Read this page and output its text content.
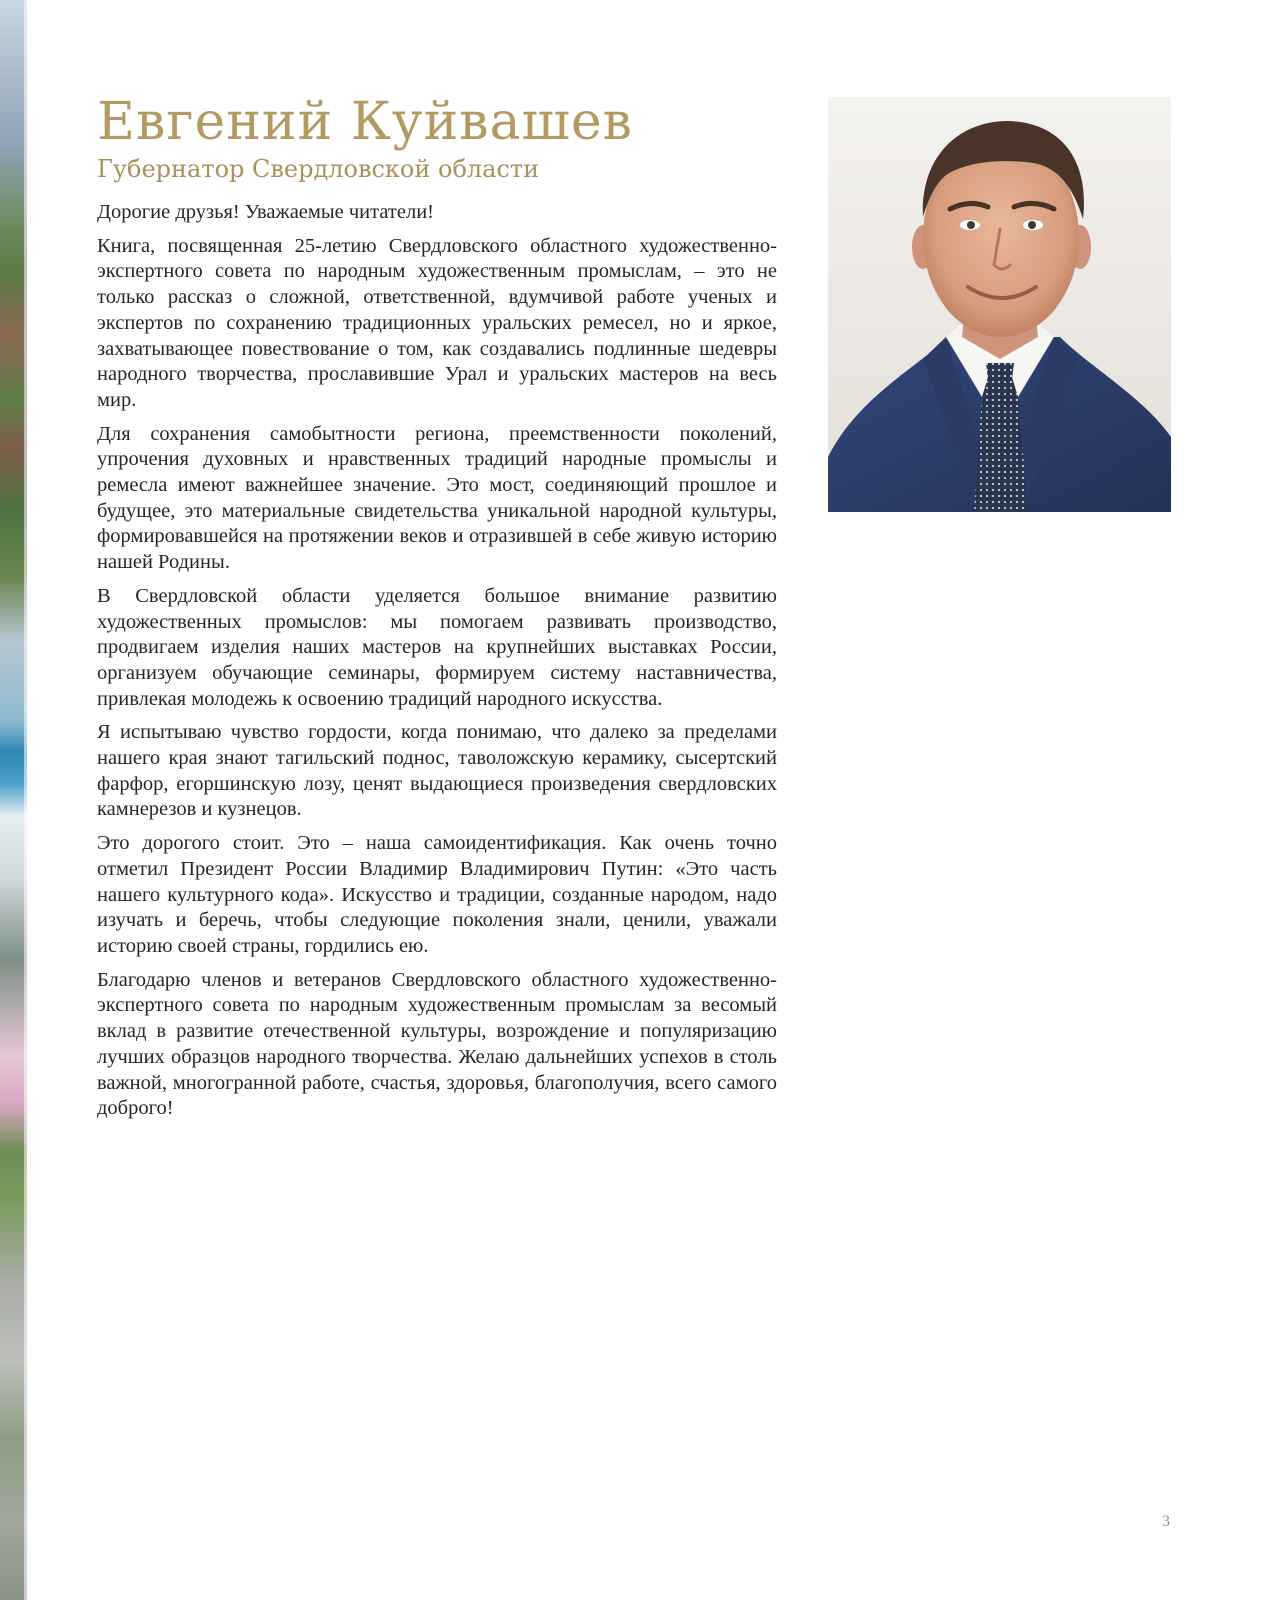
Евгений Куйвашев
Губернатор Свердловской области

Дорогие друзья! Уважаемые читатели!

Книга, посвященная 25-летию Свердловского областного художественно-экспертного совета по народным художественным промыслам, – это не только рассказ о сложной, ответственной, вдумчивой работе ученых и экспертов по сохранению традиционных уральских ремесел, но и яркое, захватывающее повествование о том, как создавались подлинные шедевры народного творчества, прославившие Урал и уральских мастеров на весь мир.

Для сохранения самобытности региона, преемственности поколений, упрочения духовных и нравственных традиций народные промыслы и ремесла имеют важнейшее значение. Это мост, соединяющий прошлое и будущее, это материальные свидетельства уникальной народной культуры, формировавшейся на протяжении веков и отразившей в себе живую историю нашей Родины.

В Свердловской области уделяется большое внимание развитию художественных промыслов: мы помогаем развивать производство, продвигаем изделия наших мастеров на крупнейших выставках России, организуем обучающие семинары, формируем систему наставничества, привлекая молодежь к освоению традиций народного искусства.

Я испытываю чувство гордости, когда понимаю, что далеко за пределами нашего края знают тагильский поднос, таволожскую керамику, сысертский фарфор, егоршинскую лозу, ценят выдающиеся произведения свердловских камнерезов и кузнецов.

Это дорогого стоит. Это – наша самоидентификация. Как очень точно отметил Президент России Владимир Владимирович Путин: «Это часть нашего культурного кода». Искусство и традиции, созданные народом, надо изучать и беречь, чтобы следующие поколения знали, ценили, уважали историю своей страны, гордились ею.

Благодарю членов и ветеранов Свердловского областного художественно-экспертного совета по народным художественным промыслам за весомый вклад в развитие отечественной культуры, возрождение и популяризацию лучших образцов народного творчества. Желаю дальнейших успехов в столь важной, многогранной работе, счастья, здоровья, благополучия, всего самого доброго!

3
